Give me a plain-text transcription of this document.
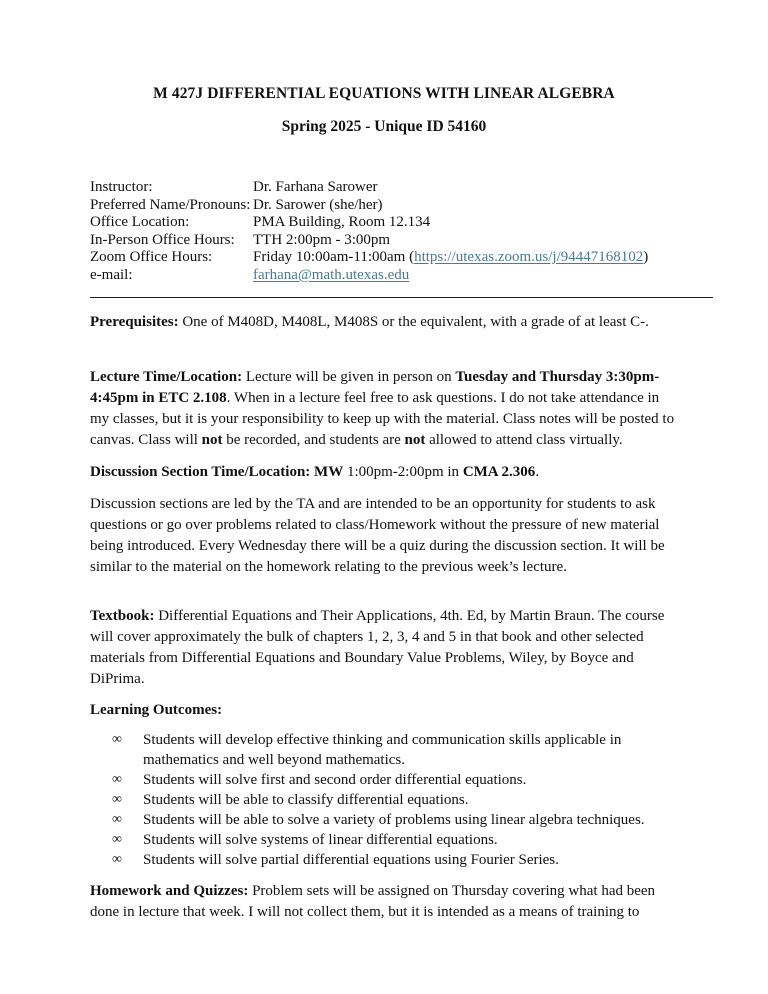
M 427J DIFFERENTIAL EQUATIONS WITH LINEAR ALGEBRA
Spring 2025 - Unique ID 54160
Instructor:	Dr. Farhana Sarower
Preferred Name/Pronouns:	Dr. Sarower (she/her)
Office Location:	PMA Building, Room 12.134
In-Person Office Hours:	TTH 2:00pm - 3:00pm
Zoom Office Hours:	Friday 10:00am-11:00am (https://utexas.zoom.us/j/94447168102)
e-mail:	farhana@math.utexas.edu

Prerequisites: One of M408D, M408L, M408S or the equivalent, with a grade of at least C-.

Lecture Time/Location: Lecture will be given in person on Tuesday and Thursday 3:30pm-4:45pm in ETC 2.108. When in a lecture feel free to ask questions. I do not take attendance in my classes, but it is your responsibility to keep up with the material. Class notes will be posted to canvas. Class will not be recorded, and students are not allowed to attend class virtually.

Discussion Section Time/Location: MW 1:00pm-2:00pm in CMA 2.306.

Discussion sections are led by the TA and are intended to be an opportunity for students to ask questions or go over problems related to class/Homework without the pressure of new material being introduced. Every Wednesday there will be a quiz during the discussion section. It will be similar to the material on the homework relating to the previous week’s lecture.

Textbook: Differential Equations and Their Applications, 4th. Ed, by Martin Braun. The course will cover approximately the bulk of chapters 1, 2, 3, 4 and 5 in that book and other selected materials from Differential Equations and Boundary Value Problems, Wiley, by Boyce and DiPrima.

Learning Outcomes:

∞	Students will develop effective thinking and communication skills applicable in mathematics and well beyond mathematics.
∞	Students will solve first and second order differential equations.
∞	Students will be able to classify differential equations.
∞	Students will be able to solve a variety of problems using linear algebra techniques.
∞	Students will solve systems of linear differential equations.
∞	Students will solve partial differential equations using Fourier Series.

Homework and Quizzes: Problem sets will be assigned on Thursday covering what had been done in lecture that week. I will not collect them, but it is intended as a means of training to
